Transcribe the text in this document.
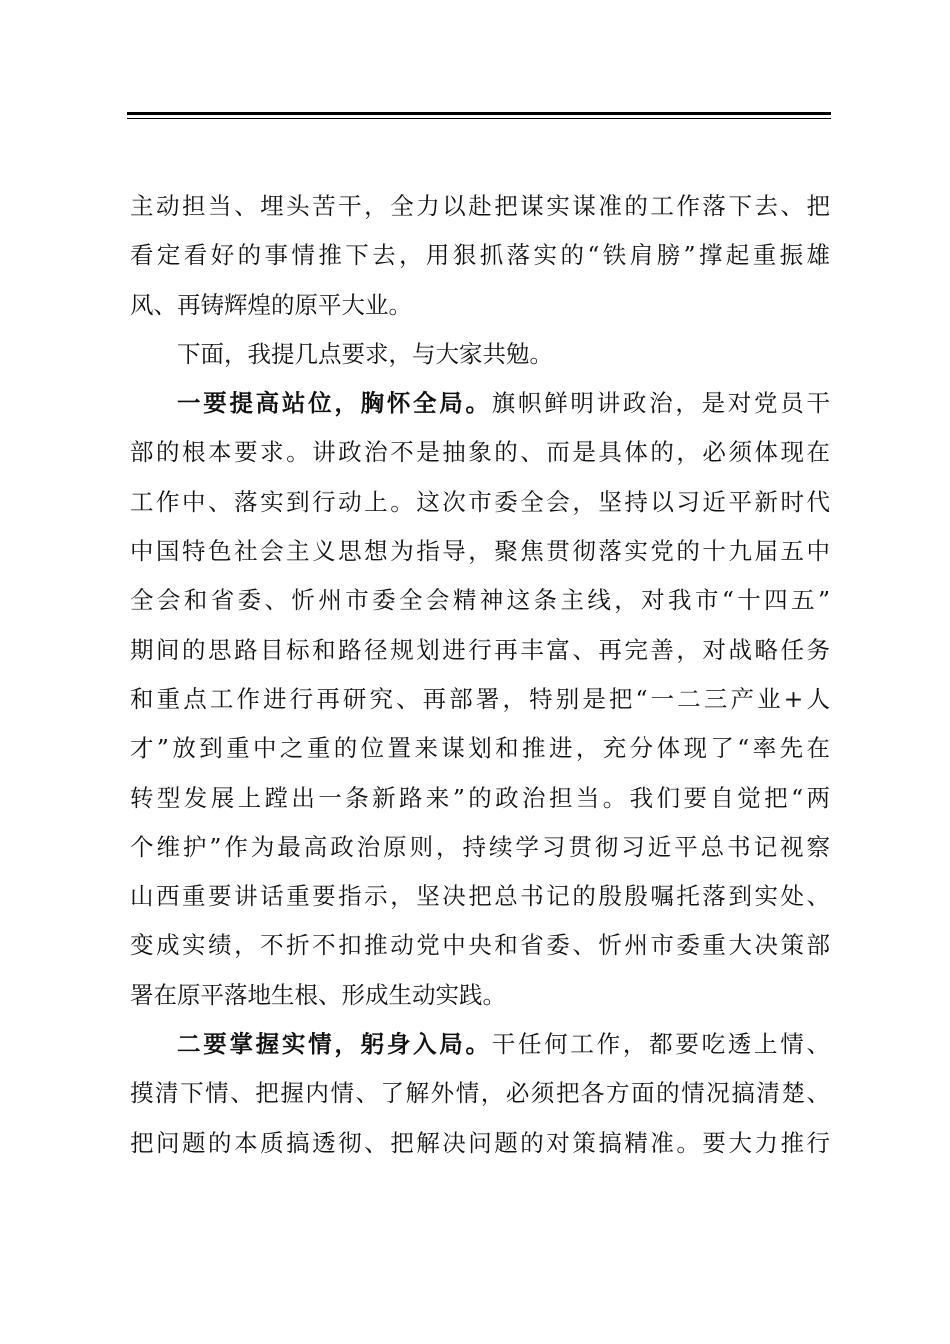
主动担当、埋头苦干，全力以赴把谋实谋准的工作落下去、把
看定看好的事情推下去，用狠抓落实的“铁肩膀”撑起重振雄
风、再铸辉煌的原平大业。
下面，我提几点要求，与大家共勉。
一要提高站位，胸怀全局。旗帜鲜明讲政治，是对党员干
部的根本要求。讲政治不是抽象的、而是具体的，必须体现在
工作中、落实到行动上。这次市委全会，坚持以习近平新时代
中国特色社会主义思想为指导，聚焦贯彻落实党的十九届五中
全会和省委、忻州市委全会精神这条主线，对我市“十四五”
期间的思路目标和路径规划进行再丰富、再完善，对战略任务
和重点工作进行再研究、再部署，特别是把“一二三产业+人
才”放到重中之重的位置来谋划和推进，充分体现了“率先在
转型发展上蹚出一条新路来”的政治担当。我们要自觉把“两
个维护”作为最高政治原则，持续学习贯彻习近平总书记视察
山西重要讲话重要指示，坚决把总书记的殷殷嘱托落到实处、
变成实绩，不折不扣推动党中央和省委、忻州市委重大决策部
署在原平落地生根、形成生动实践。
二要掌握实情，躬身入局。干任何工作，都要吃透上情、
摸清下情、把握内情、了解外情，必须把各方面的情况搞清楚、
把问题的本质搞透彻、把解决问题的对策搞精准。要大力推行
